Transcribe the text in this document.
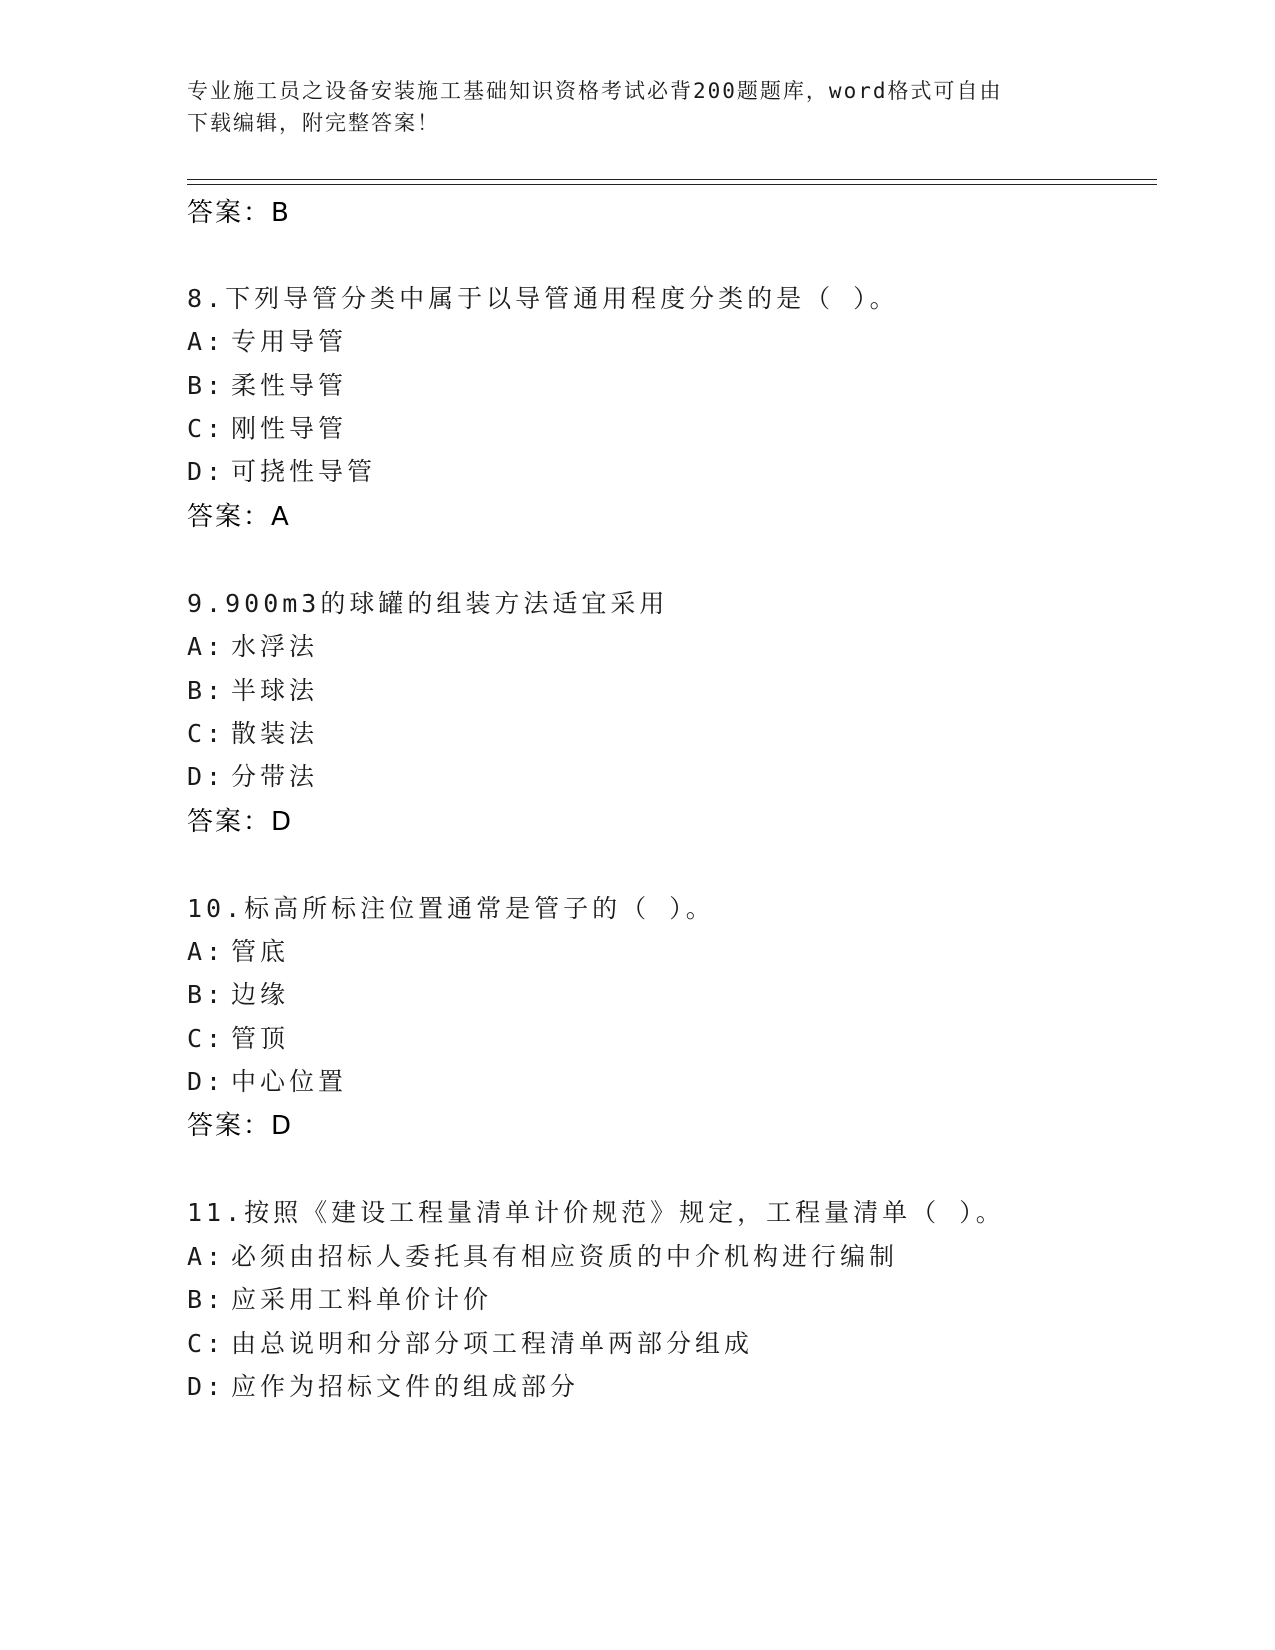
专业施工员之设备安装施工基础知识资格考试必背200题题库，word格式可自由
下载编辑，附完整答案！
答案：B
8.下列导管分类中属于以导管通用程度分类的是（ ）。
A: 专用导管
B: 柔性导管
C: 刚性导管
D: 可挠性导管
答案：A
9.900m3的球罐的组装方法适宜采用
A: 水浮法
B: 半球法
C: 散装法
D: 分带法
答案：D
10.标高所标注位置通常是管子的（ ）。
A: 管底
B: 边缘
C: 管顶
D: 中心位置
答案：D
11.按照《建设工程量清单计价规范》规定，工程量清单（ ）。
A: 必须由招标人委托具有相应资质的中介机构进行编制
B: 应采用工料单价计价
C: 由总说明和分部分项工程清单两部分组成
D: 应作为招标文件的组成部分
